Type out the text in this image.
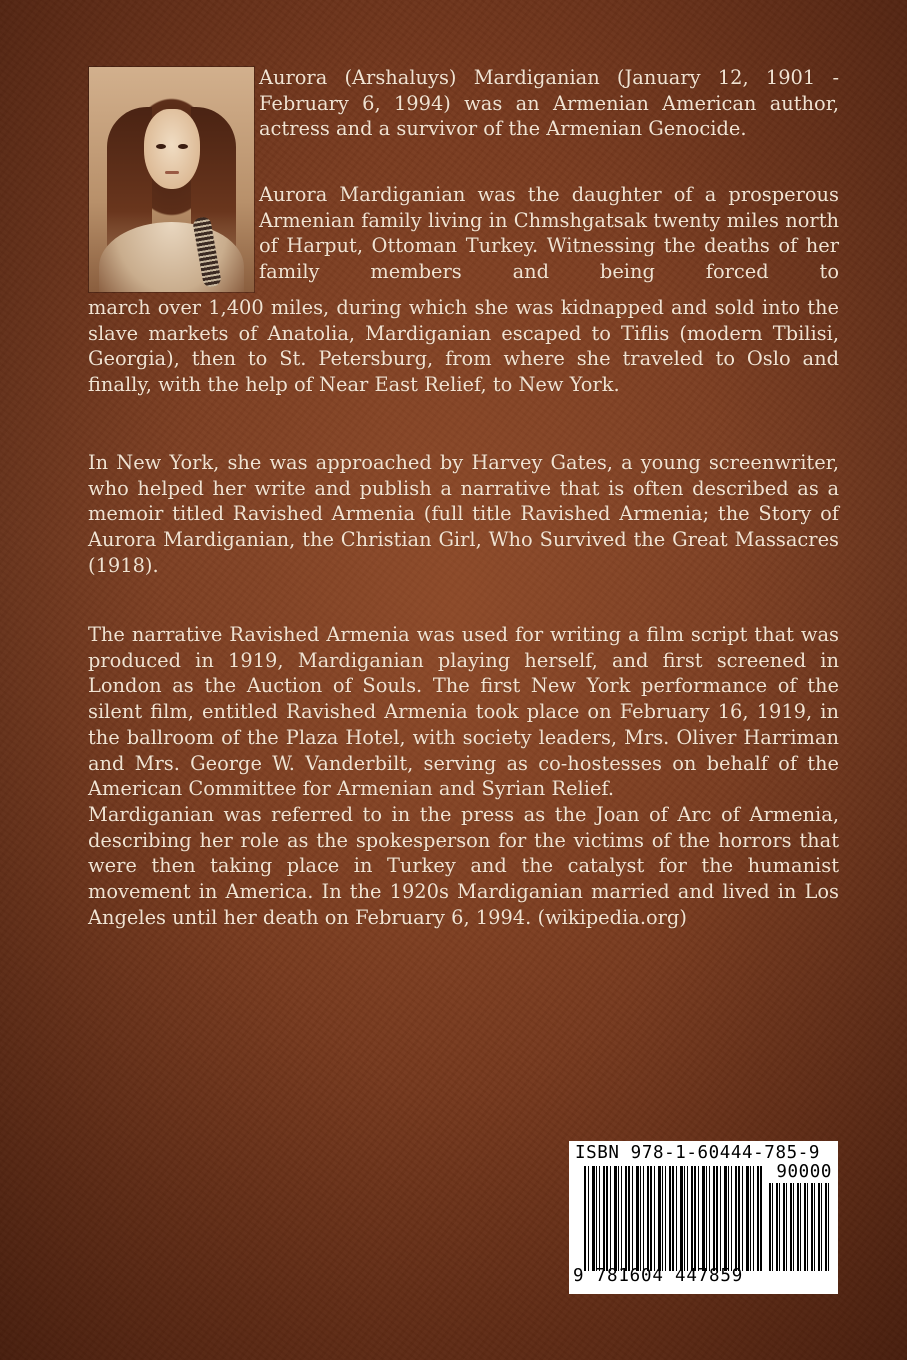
Aurora (Arshaluys) Mardiganian (January 12, 1901 - February 6, 1994) was an Armenian American author, actress and a survivor of the Armenian Genocide.

Aurora Mardiganian was the daughter of a prosperous Armenian family living in Chmshgatsak twenty miles north of Harput, Ottoman Turkey. Witnessing the deaths of her family members and being forced to

march over 1,400 miles, during which she was kidnapped and sold into the slave markets of Anatolia, Mardiganian escaped to Tiflis (modern Tbilisi, Georgia), then to St. Petersburg, from where she traveled to Oslo and finally, with the help of Near East Relief, to New York.

In New York, she was approached by Harvey Gates, a young screenwriter, who helped her write and publish a narrative that is often described as a memoir titled Ravished Armenia (full title Ravished Armenia; the Story of Aurora Mardiganian, the Christian Girl, Who Survived the Great Massacres (1918).

The narrative Ravished Armenia was used for writing a film script that was produced in 1919, Mardiganian playing herself, and first screened in London as the Auction of Souls. The first New York performance of the silent film, entitled Ravished Armenia took place on February 16, 1919, in the ballroom of the Plaza Hotel, with society leaders, Mrs. Oliver Harriman and Mrs. George W. Vanderbilt, serving as co-hostesses on behalf of the American Committee for Armenian and Syrian Relief.

Mardiganian was referred to in the press as the Joan of Arc of Armenia, describing her role as the spokesperson for the victims of the horrors that were then taking place in Turkey and the catalyst for the humanist movement in America. In the 1920s Mardiganian married and lived in Los Angeles until her death on February 6, 1994. (wikipedia.org)

ISBN 978-1-60444-785-9
90000
9 781604 447859
